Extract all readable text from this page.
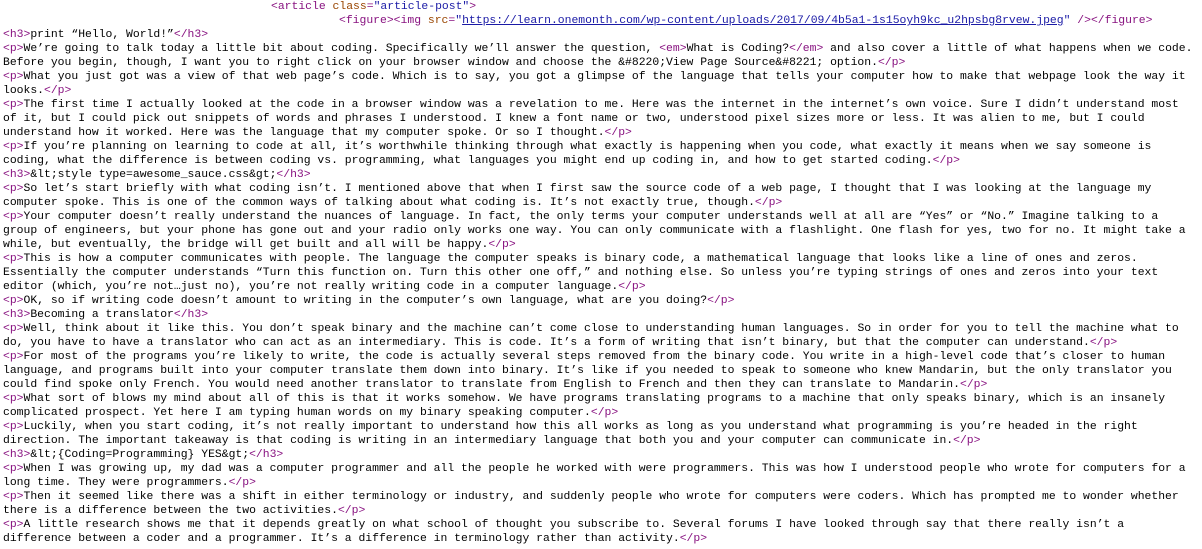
<article class="article-post">
<figure><img src="https://learn.onemonth.com/wp-content/uploads/2017/09/4b5a1-1s15oyh9kc_u2hpsbg8rvew.jpeg" /></figure>
<h3>print “Hello, World!”</h3>
<p>We’re going to talk today a little bit about coding. Specifically we’ll answer the question, <em>What is Coding?</em> and also cover a little of what happens when we code. Before you begin, though, I want you to right click on your browser window and choose the &#8220;View Page Source&#8221; option.</p>
<p>What you just got was a view of that web page’s code. Which is to say, you got a glimpse of the language that tells your computer how to make that webpage look the way it looks.</p>
<p>The first time I actually looked at the code in a browser window was a revelation to me. Here was the internet in the internet’s own voice. Sure I didn’t understand most of it, but I could pick out snippets of words and phrases I understood. I knew a font name or two, understood pixel sizes more or less. It was alien to me, but I could understand how it worked. Here was the language that my computer spoke. Or so I thought.</p>
<p>If you’re planning on learning to code at all, it’s worthwhile thinking through what exactly is happening when you code, what exactly it means when we say someone is coding, what the difference is between coding vs. programming, what languages you might end up coding in, and how to get started coding.</p>
<h3>&lt;style type=awesome_sauce.css&gt;</h3>
<p>So let’s start briefly with what coding isn’t. I mentioned above that when I first saw the source code of a web page, I thought that I was looking at the language my computer spoke. This is one of the common ways of talking about what coding is. It’s not exactly true, though.</p>
<p>Your computer doesn’t really understand the nuances of language. In fact, the only terms your computer understands well at all are “Yes” or “No.” Imagine talking to a group of engineers, but your phone has gone out and your radio only works one way. You can only communicate with a flashlight. One flash for yes, two for no. It might take a while, but eventually, the bridge will get built and all will be happy.</p>
<p>This is how a computer communicates with people. The language the computer speaks is binary code, a mathematical language that looks like a line of ones and zeros. Essentially the computer understands “Turn this function on. Turn this other one off,” and nothing else. So unless you’re typing strings of ones and zeros into your text editor (which, you’re not…just no), you’re not really writing code in a computer language.</p>
<p>OK, so if writing code doesn’t amount to writing in the computer’s own language, what are you doing?</p>
<h3>Becoming a translator</h3>
<p>Well, think about it like this. You don’t speak binary and the machine can’t come close to understanding human languages. So in order for you to tell the machine what to do, you have to have a translator who can act as an intermediary. This is code. It’s a form of writing that isn’t binary, but that the computer can understand.</p>
<p>For most of the programs you’re likely to write, the code is actually several steps removed from the binary code. You write in a high-level code that’s closer to human language, and programs built into your computer translate them down into binary. It’s like if you needed to speak to someone who knew Mandarin, but the only translator you could find spoke only French. You would need another translator to translate from English to French and then they can translate to Mandarin.</p>
<p>What sort of blows my mind about all of this is that it works somehow. We have programs translating programs to a machine that only speaks binary, which is an insanely complicated prospect. Yet here I am typing human words on my binary speaking computer.</p>
<p>Luckily, when you start coding, it’s not really important to understand how this all works as long as you understand what programming is you’re headed in the right direction. The important takeaway is that coding is writing in an intermediary language that both you and your computer can communicate in.</p>
<h3>&lt;{Coding=Programming} YES&gt;</h3>
<p>When I was growing up, my dad was a computer programmer and all the people he worked with were programmers. This was how I understood people who wrote for computers for a long time. They were programmers.</p>
<p>Then it seemed like there was a shift in either terminology or industry, and suddenly people who wrote for computers were coders. Which has prompted me to wonder whether there is a difference between the two activities.</p>
<p>A little research shows me that it depends greatly on what school of thought you subscribe to. Several forums I have looked through say that there really isn’t a difference between a coder and a programmer. It’s a difference in terminology rather than activity.</p>
